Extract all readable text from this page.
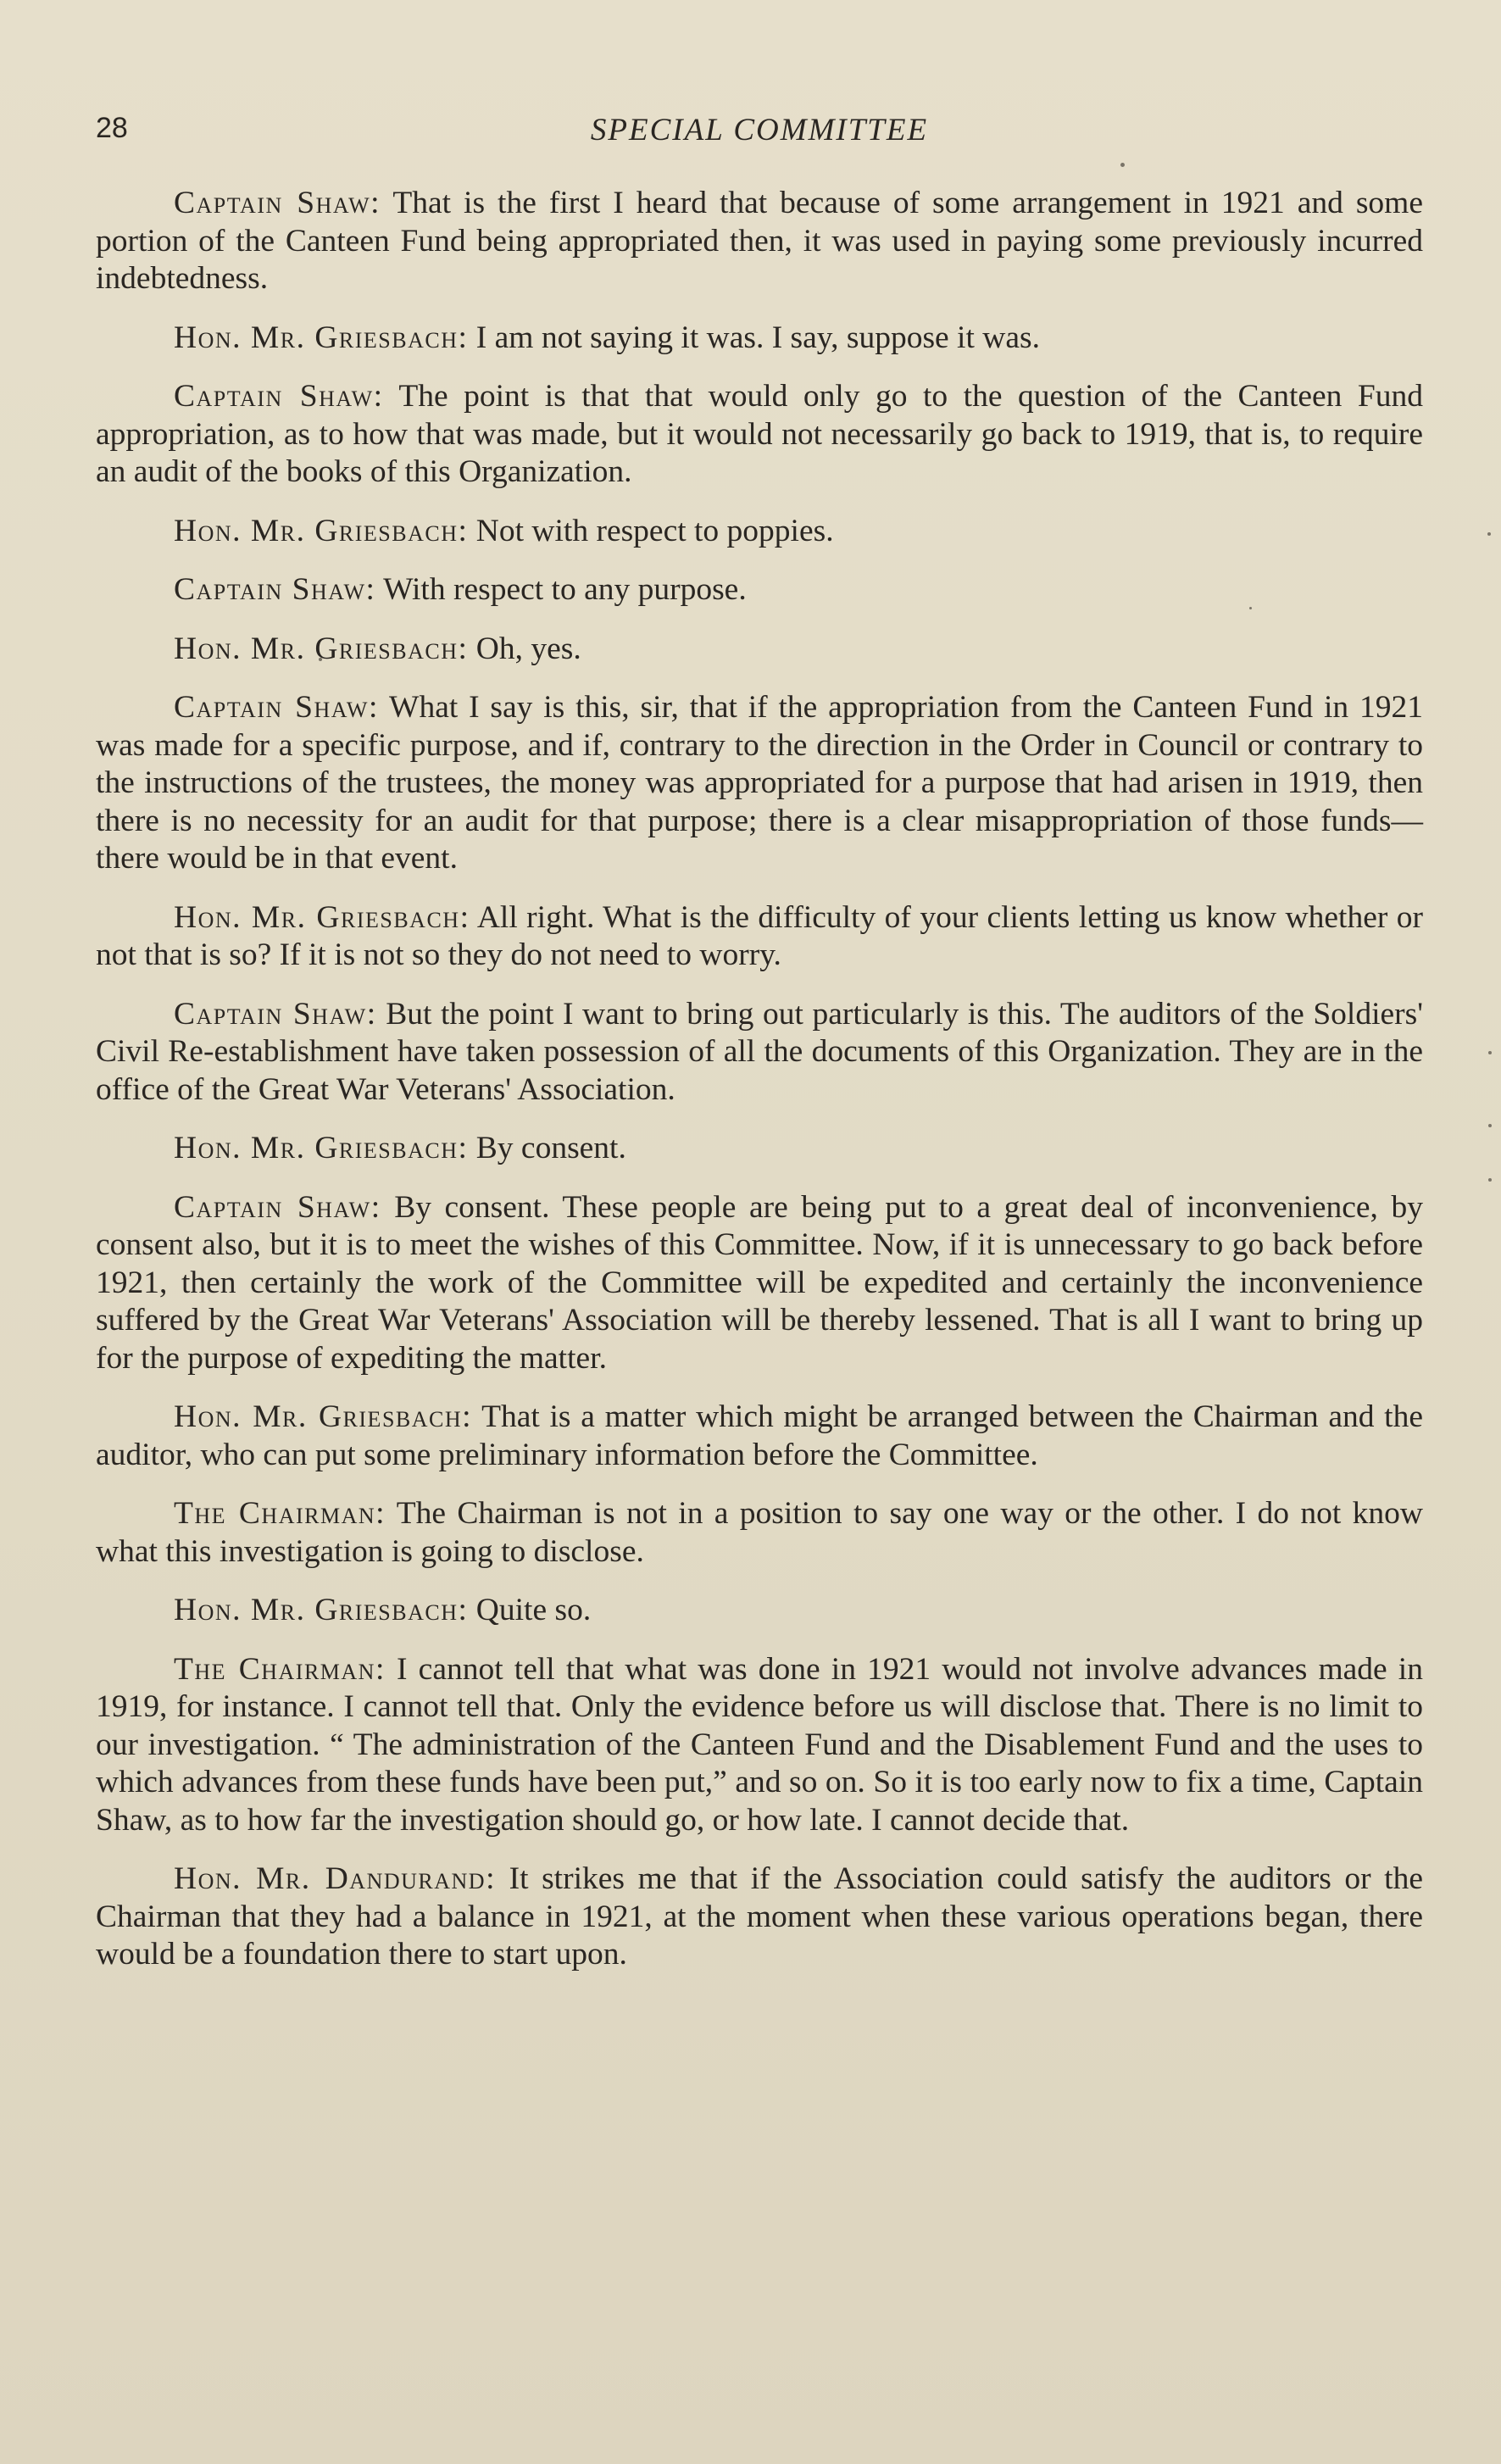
28	SPECIAL COMMITTEE

Captain Shaw: That is the first I heard that because of some arrangement in 1921 and some portion of the Canteen Fund being appropriated then, it was used in paying some previously incurred indebtedness.

Hon. Mr. Griesbach: I am not saying it was. I say, suppose it was.

Captain Shaw: The point is that that would only go to the question of the Canteen Fund appropriation, as to how that was made, but it would not necessarily go back to 1919, that is, to require an audit of the books of this Organization.

Hon. Mr. Griesbach: Not with respect to poppies.

Captain Shaw: With respect to any purpose.

Hon. Mr. Griesbach: Oh, yes.

Captain Shaw: What I say is this, sir, that if the appropriation from the Canteen Fund in 1921 was made for a specific purpose, and if, contrary to the direction in the Order in Council or contrary to the instructions of the trustees, the money was appropriated for a purpose that had arisen in 1919, then there is no necessity for an audit for that purpose; there is a clear misappropriation of those funds—there would be in that event.

Hon. Mr. Griesbach: All right. What is the difficulty of your clients letting us know whether or not that is so? If it is not so they do not need to worry.

Captain Shaw: But the point I want to bring out particularly is this. The auditors of the Soldiers' Civil Re-establishment have taken possession of all the documents of this Organization. They are in the office of the Great War Veterans' Association.

Hon. Mr. Griesbach: By consent.

Captain Shaw: By consent. These people are being put to a great deal of inconvenience, by consent also, but it is to meet the wishes of this Committee. Now, if it is unnecessary to go back before 1921, then certainly the work of the Committee will be expedited and certainly the inconvenience suffered by the Great War Veterans' Association will be thereby lessened. That is all I want to bring up for the purpose of expediting the matter.

Hon. Mr. Griesbach: That is a matter which might be arranged between the Chairman and the auditor, who can put some preliminary information before the Committee.

The Chairman: The Chairman is not in a position to say one way or the other. I do not know what this investigation is going to disclose.

Hon. Mr. Griesbach: Quite so.

The Chairman: I cannot tell that what was done in 1921 would not involve advances made in 1919, for instance. I cannot tell that. Only the evidence before us will disclose that. There is no limit to our investigation. “ The administration of the Canteen Fund and the Disablement Fund and the uses to which advances from these funds have been put,” and so on. So it is too early now to fix a time, Captain Shaw, as to how far the investigation should go, or how late. I cannot decide that.

Hon. Mr. Dandurand: It strikes me that if the Association could satisfy the auditors or the Chairman that they had a balance in 1921, at the moment when these various operations began, there would be a foundation there to start upon.
